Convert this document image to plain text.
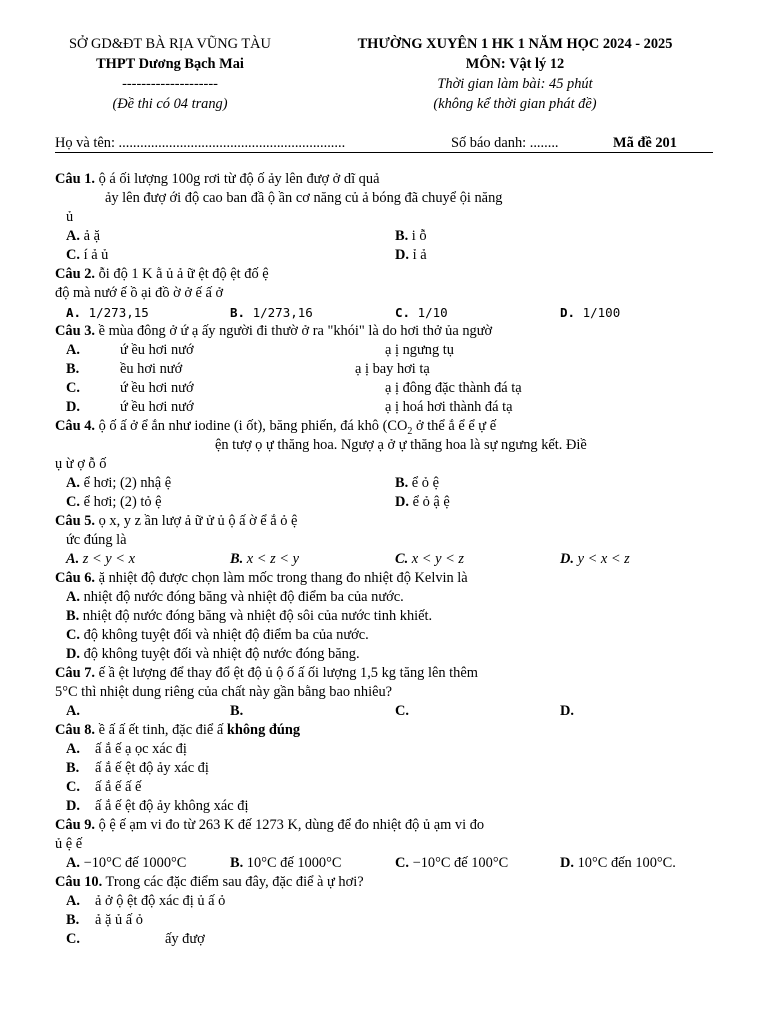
SỞ GD&ĐT BÀ RỊA VŨNG TÀU
THPT Dương Bạch Mai
--------------------
(Đề thi có 04 trang)
THƯỜNG XUYÊN 1 HK 1 NĂM HỌC 2024 - 2025
MÔN: Vật lý 12
Thời gian làm bài: 45 phút
(không kể thời gian phát đề)
Họ và tên: ...............................................................	Số báo danh: ........	Mã đề 201
Câu 1. ộ á ối lượng 100g rơi từ độ ố ảy lên đượ ở dĩ quả
ảy lên đượ ới độ cao ban đầ ộ ần cơ năng củ ả bóng đã chuyể ội năng
ủ
A. ả ặ	B. i ỗ
C. í ả ủ	D. ỉ ả
Câu 2. ỗi độ 1 K ằ ủ ả ữ ệt độ ệt đố ệ
độ mà nướ ế ồ ại đồ ờ ở ế ấ ở
A. 1/273,15	B. 1/273,16	C. 1/10	D. 1/100
Câu 3. ề mùa đông ở ứ ạ ấy người đi thườ ở ra "khói" là do hơi thở ủa ngườ
A.	ứ ều hơi nướ	ạ ị ngưng tụ
B.	ều hơi nướ	ạ ị bay hơi tạ
C.	ứ ều hơi nướ	ạ ị đông đặc thành đá tạ
D.	ứ ều hơi nướ	ạ ị hoá hơi thành đá tạ
Câu 4. ộ ố ấ ở ể ắn như iodine (i ốt), băng phiến, đá khô ($CO_2$ ở thể ắ ể ể ự ế
ện tượ ọ ự thăng hoa. Ngượ ạ ở ự thăng hoa là sự ngưng kết. Điề
ụ ừ ợ ỗ ố
A. ể hơi; (2) nhậ ệ	B. ể ỏ ệ
C. ể hơi; (2) tỏ ệ	D. ể ỏ ậ ệ
Câu 5. ọ x, y z ần lượ ả ữ ử ủ ộ ấ ờ ể ắ ỏ ệ
ức đúng là
A. z < y < x	B. x < z < y	C. x < y < z	D. y < x < z
Câu 6. ặ nhiệt độ được chọn làm mốc trong thang đo nhiệt độ Kelvin là
A. nhiệt độ nước đóng băng và nhiệt độ điểm ba của nước.
B. nhiệt độ nước đóng băng và nhiệt độ sôi của nước tinh khiết.
C. độ không tuyệt đối và nhiệt độ điểm ba của nước.
D. độ không tuyệt đối và nhiệt độ nước đóng băng.
Câu 7. ế ầ ệt lượng để thay đổ ệt độ ủ ộ ố ấ ối lượng 1,5 kg tăng lên thêm
5°C thì nhiệt dung riêng của chất này gần bằng bao nhiêu?
A.	B.	C.	D.
Câu 8. ề ấ ấ ết tinh, đặc điể ấ không đúng
A. ấ ắ ế ạ ọc xác đị
B. ấ ắ ế ệt độ ảy xác đị
C. ấ ắ ế ấ ế
D. ấ ắ ế ệt độ ảy không xác đị
Câu 9. ộ ệ ế ạm vi đo từ 263 K đế 1273 K, dùng để đo nhiệt độ ủ ạm vi đo
ủ ệ ế
A. −10°C đế 1000°C	B. 10°C đế 1000°C	C. −10°C đế 100°C	D. 10°C đến 100°C.
Câu 10. Trong các đặc điểm sau đây, đặc điể à ự hơi?
A. ả ở ộ ệt độ xác đị ủ ấ ỏ
B. ả ặ ủ ấ ỏ
C.	ấy đượ
